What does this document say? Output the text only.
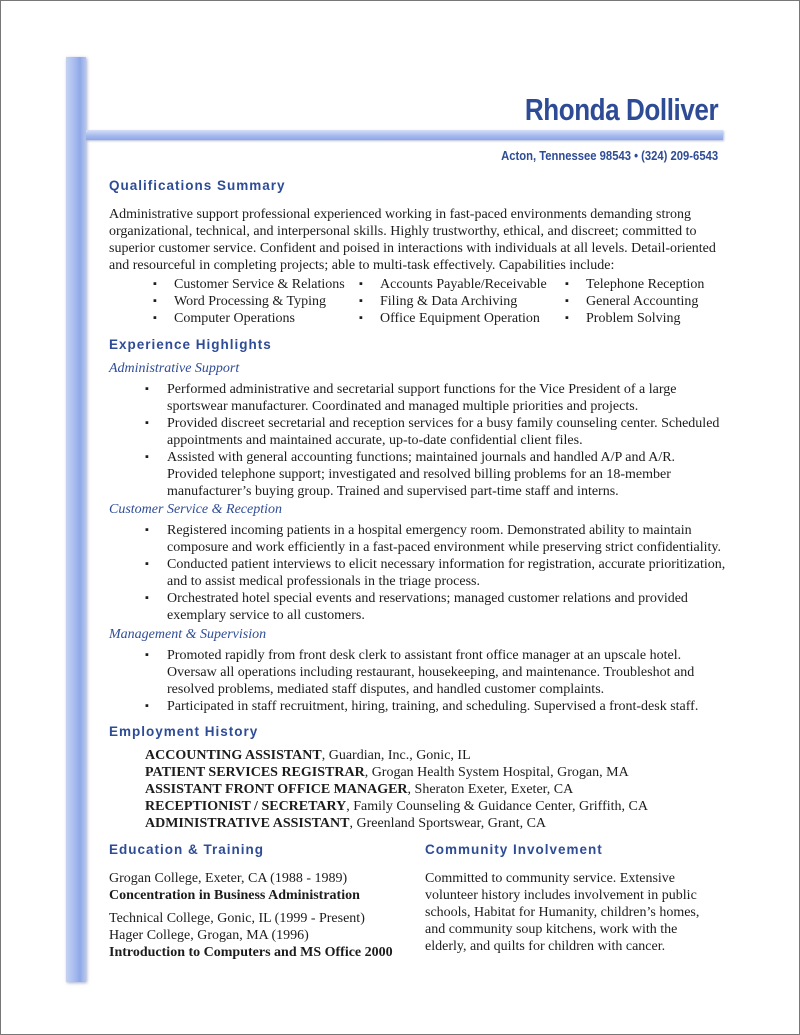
Rhonda Dolliver
Acton, Tennessee 98543 • (324) 209-6543
Qualifications Summary
Administrative support professional experienced working in fast-paced environments demanding strong organizational, technical, and interpersonal skills. Highly trustworthy, ethical, and discreet; committed to superior customer service. Confident and poised in interactions with individuals at all levels. Detail-oriented and resourceful in completing projects; able to multi-task effectively. Capabilities include:
▪ Customer Service & Relations
▪ Word Processing & Typing
▪ Computer Operations
▪ Accounts Payable/Receivable
▪ Filing & Data Archiving
▪ Office Equipment Operation
▪ Telephone Reception
▪ General Accounting
▪ Problem Solving
Experience Highlights
Administrative Support
▪ Performed administrative and secretarial support functions for the Vice President of a large sportswear manufacturer. Coordinated and managed multiple priorities and projects.
▪ Provided discreet secretarial and reception services for a busy family counseling center. Scheduled appointments and maintained accurate, up-to-date confidential client files.
▪ Assisted with general accounting functions; maintained journals and handled A/P and A/R. Provided telephone support; investigated and resolved billing problems for an 18-member manufacturer’s buying group. Trained and supervised part-time staff and interns.
Customer Service & Reception
▪ Registered incoming patients in a hospital emergency room. Demonstrated ability to maintain composure and work efficiently in a fast-paced environment while preserving strict confidentiality.
▪ Conducted patient interviews to elicit necessary information for registration, accurate prioritization, and to assist medical professionals in the triage process.
▪ Orchestrated hotel special events and reservations; managed customer relations and provided exemplary service to all customers.
Management & Supervision
▪ Promoted rapidly from front desk clerk to assistant front office manager at an upscale hotel. Oversaw all operations including restaurant, housekeeping, and maintenance. Troubleshot and resolved problems, mediated staff disputes, and handled customer complaints.
▪ Participated in staff recruitment, hiring, training, and scheduling. Supervised a front-desk staff.
Employment History
ACCOUNTING ASSISTANT, Guardian, Inc., Gonic, IL
PATIENT SERVICES REGISTRAR, Grogan Health System Hospital, Grogan, MA
ASSISTANT FRONT OFFICE MANAGER, Sheraton Exeter, Exeter, CA
RECEPTIONIST / SECRETARY, Family Counseling & Guidance Center, Griffith, CA
ADMINISTRATIVE ASSISTANT, Greenland Sportswear, Grant, CA
Education & Training
Grogan College, Exeter, CA (1988 - 1989)
Concentration in Business Administration
Technical College, Gonic, IL (1999 - Present)
Hager College, Grogan, MA (1996)
Introduction to Computers and MS Office 2000
Community Involvement
Committed to community service. Extensive volunteer history includes involvement in public schools, Habitat for Humanity, children’s homes, and community soup kitchens, work with the elderly, and quilts for children with cancer.
